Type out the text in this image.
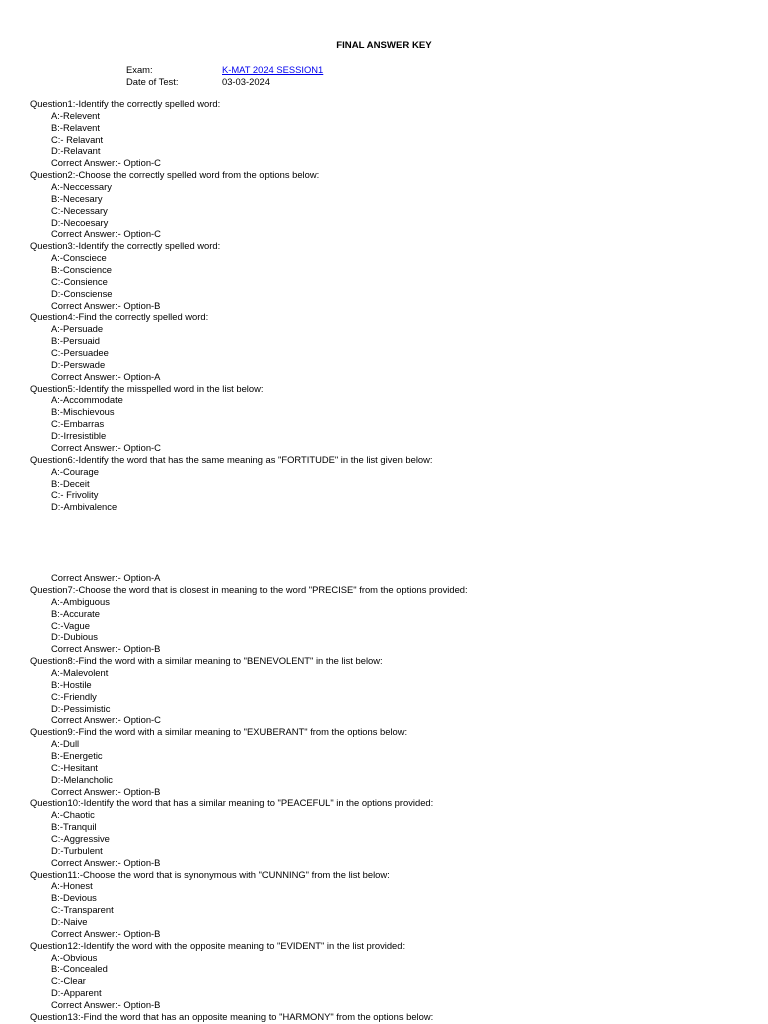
FINAL ANSWER KEY
Exam:	K-MAT 2024 SESSION1
Date of Test:	03-03-2024
Question1:-Identify the correctly spelled word:
A:-Relevent
B:-Relavent
C:- Relavant
D:-Relavant
Correct Answer:- Option-C
Question2:-Choose the correctly spelled word from the options below:
A:-Neccessary
B:-Necesary
C:-Necessary
D:-Necoesary
Correct Answer:- Option-C
Question3:-Identify the correctly spelled word:
A:-Consciece
B:-Conscience
C:-Consience
D:-Consciense
Correct Answer:- Option-B
Question4:-Find the correctly spelled word:
A:-Persuade
B:-Persuaid
C:-Persuadee
D:-Perswade
Correct Answer:- Option-A
Question5:-Identify the misspelled word in the list below:
A:-Accommodate
B:-Mischievous
C:-Embarras
D:-Irresistible
Correct Answer:- Option-C
Question6:-Identify the word that has the same meaning as "FORTITUDE" in the list given below:
A:-Courage
B:-Deceit
C:- Frivolity
D:-Ambivalence
Correct Answer:- Option-A
Question7:-Choose the word that is closest in meaning to the word "PRECISE" from the options provided:
A:-Ambiguous
B:-Accurate
C:-Vague
D:-Dubious
Correct Answer:- Option-B
Question8:-Find the word with a similar meaning to "BENEVOLENT" in the list below:
A:-Malevolent
B:-Hostile
C:-Friendly
D:-Pessimistic
Correct Answer:- Option-C
Question9:-Find the word with a similar meaning to "EXUBERANT" from the options below:
A:-Dull
B:-Energetic
C:-Hesitant
D:-Melancholic
Correct Answer:- Option-B
Question10:-Identify the word that has a similar meaning to "PEACEFUL" in the options provided:
A:-Chaotic
B:-Tranquil
C:-Aggressive
D:-Turbulent
Correct Answer:- Option-B
Question11:-Choose the word that is synonymous with "CUNNING" from the list below:
A:-Honest
B:-Devious
C:-Transparent
D:-Naive
Correct Answer:- Option-B
Question12:-Identify the word with the opposite meaning to "EVIDENT" in the list provided:
A:-Obvious
B:-Concealed
C:-Clear
D:-Apparent
Correct Answer:- Option-B
Question13:-Find the word that has an opposite meaning to "HARMONY" from the options below:
